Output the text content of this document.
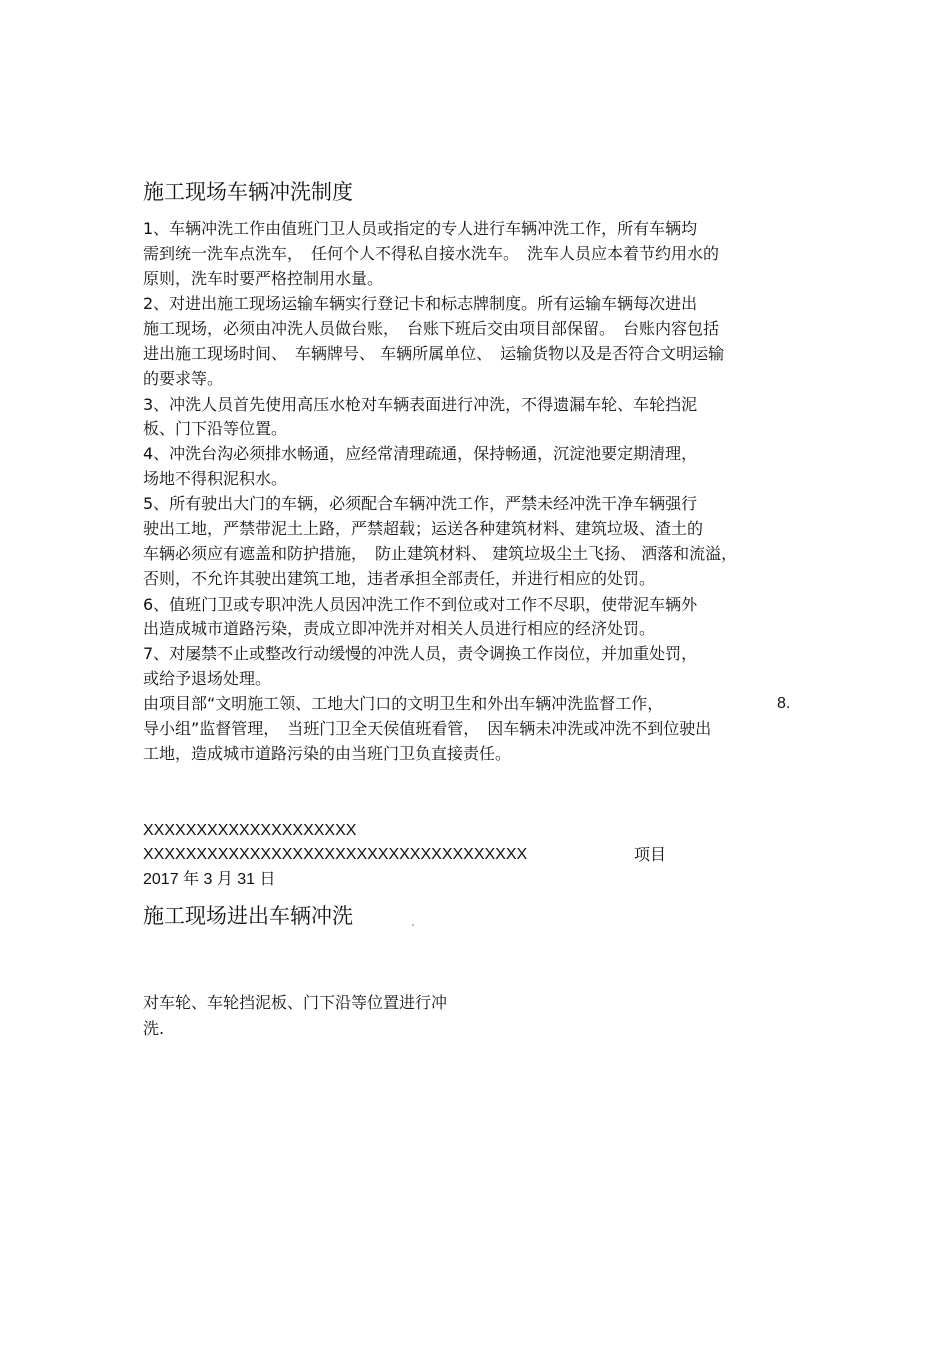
施工现场车辆冲洗制度
1、车辆冲洗工作由值班门卫人员或指定的专人进行车辆冲洗工作，所有车辆均
需到统一洗车点洗车，　任何个人不得私自接水洗车。　洗车人员应本着节约用水的
原则，洗车时要严格控制用水量。
2、对进出施工现场运输车辆实行登记卡和标志牌制度。所有运输车辆每次进出
施工现场，必须由冲洗人员做台账，　台账下班后交由项目部保留。　台账内容包括
进出施工现场时间、　车辆牌号、 车辆所属单位、　运输货物以及是否符合文明运输
的要求等。
3、冲洗人员首先使用高压水枪对车辆表面进行冲洗，不得遗漏车轮、车轮挡泥
板、门下沿等位置。
4、冲洗台沟必须排水畅通，应经常清理疏通，保持畅通，沉淀池要定期清理，
场地不得积泥积水。
5、所有驶出大门的车辆，必须配合车辆冲洗工作，严禁未经冲洗干净车辆强行
驶出工地，严禁带泥土上路，严禁超载；运送各种建筑材料、建筑垃圾、渣土的
车辆必须应有遮盖和防护措施，　防止建筑材料、 建筑垃圾尘土飞扬、 洒落和流溢，
否则，不允许其驶出建筑工地，违者承担全部责任，并进行相应的处罚。
6、值班门卫或专职冲洗人员因冲洗工作不到位或对工作不尽职，使带泥车辆外
出造成城市道路污染，责成立即冲洗并对相关人员进行相应的经济处罚。
7、对屡禁不止或整改行动缓慢的冲洗人员，责令调换工作岗位，并加重处罚，
或给予退场处理。
由项目部“文明施工领、工地大门口的文明卫生和外出车辆冲洗监督工作，	8.
导小组”监督管理，　当班门卫全天侯值班看管，　因车辆未冲洗或冲洗不到位驶出
工地，造成城市道路污染的由当班门卫负直接责任。
XXXXXXXXXXXXXXXXXXXX
XXXXXXXXXXXXXXXXXXXXXXXXXXXXXXXXXXXX	项目
2017 年 3 月 31 日
施工现场进出车辆冲洗
对车轮、车轮挡泥板、门下沿等位置进行冲
洗.
